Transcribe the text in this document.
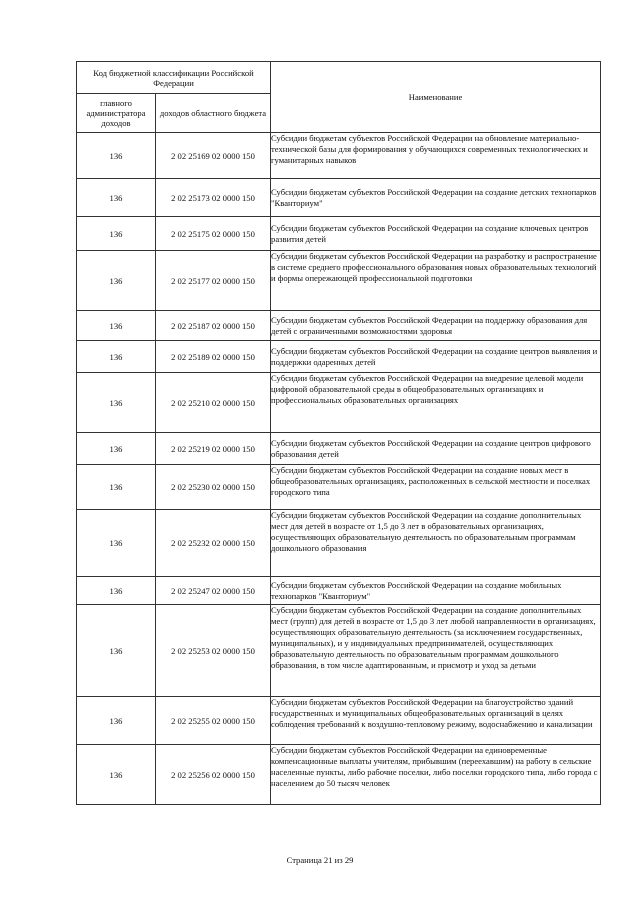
Код бюджетной классификации Российской Федерации		Наименование
главного администратора доходов	доходов областного бюджета	
136	2 02 25169 02 0000 150	Субсидии бюджетам субъектов Российской Федерации на обновление материально-технической базы для формирования у обучающихся современных технологических и гуманитарных навыков
136	2 02 25173 02 0000 150	Субсидии бюджетам субъектов Российской Федерации на создание детских технопарков "Кванториум"
136	2 02 25175 02 0000 150	Субсидии бюджетам субъектов Российской Федерации на создание ключевых центров развития детей
136	2 02 25177 02 0000 150	Субсидии бюджетам субъектов Российской Федерации на разработку и распространение в системе среднего профессионального образования новых образовательных технологий и формы опережающей профессиональной подготовки
136	2 02 25187 02 0000 150	Субсидии бюджетам субъектов Российской Федерации на поддержку образования для детей с ограниченными возможностями здоровья
136	2 02 25189 02 0000 150	Субсидии бюджетам субъектов Российской Федерации на создание центров выявления и поддержки одаренных детей
136	2 02 25210 02 0000 150	Субсидии бюджетам субъектов Российской Федерации на внедрение целевой модели цифровой образовательной среды в общеобразовательных организациях и профессиональных образовательных организациях
136	2 02 25219 02 0000 150	Субсидии бюджетам субъектов Российской Федерации на создание центров цифрового образования детей
136	2 02 25230 02 0000 150	Субсидии бюджетам субъектов Российской Федерации на создание новых мест в общеобразовательных организациях, расположенных в сельской местности и поселках городского типа
136	2 02 25232 02 0000 150	Субсидии бюджетам субъектов Российской Федерации на создание дополнительных мест для детей в возрасте от 1,5 до 3 лет в образовательных организациях, осуществляющих образовательную деятельность по образовательным программам дошкольного образования
136	2 02 25247 02 0000 150	Субсидии бюджетам субъектов Российской Федерации на создание мобильных технопарков "Кванториум"
136	2 02 25253 02 0000 150	Субсидии бюджетам субъектов Российской Федерации на создание дополнительных мест (групп) для детей в возрасте от 1,5 до 3 лет любой направленности в организациях, осуществляющих образовательную деятельность (за исключением государственных, муниципальных), и у индивидуальных предпринимателей, осуществляющих образовательную деятельность по образовательным программам дошкольного образования, в том числе адаптированным, и присмотр и уход за детьми
136	2 02 25255 02 0000 150	Субсидии бюджетам субъектов Российской Федерации на благоустройство зданий государственных и муниципальных общеобразовательных организаций в целях соблюдения требований к воздушно-тепловому режиму, водоснабжению и канализации
136	2 02 25256 02 0000 150	Субсидии бюджетам субъектов Российской Федерации на единовременные компенсационные выплаты учителям, прибывшим (переехавшим) на работу в сельские населенные пункты, либо рабочие поселки, либо поселки городского типа, либо города с населением до 50 тысяч человек
Страница 21 из 29
